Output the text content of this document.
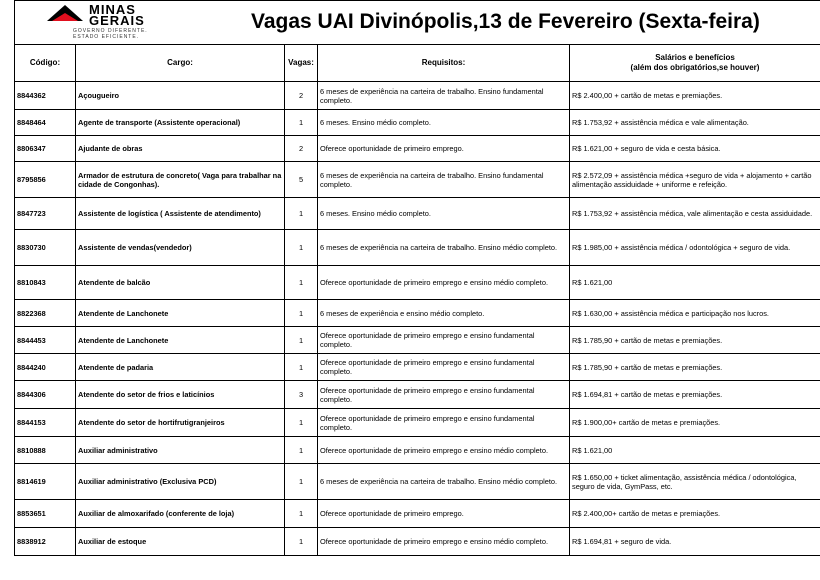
MINAS
GERAIS
GOVERNO DIFERENTE.
ESTADO EFICIENTE.
Vagas UAI Divinópolis,13 de Fevereiro (Sexta-feira)
Código:	Cargo:	Vagas:	Requisitos:	Salários e benefícios
(além dos obrigatórios,se houver)

8844362	Açougueiro	2	6 meses de experiência na carteira de trabalho. Ensino fundamental completo.	R$ 2.400,00 + cartão de metas e premiações.
8848464	Agente de transporte (Assistente operacional)	1	6 meses. Ensino médio completo.	R$ 1.753,92 + assistência médica e vale alimentação.
8806347	Ajudante de obras	2	Oferece oportunidade de primeiro emprego.	R$ 1.621,00 + seguro de vida e cesta básica.
8795856	Armador de estrutura de concreto( Vaga para trabalhar na cidade de Congonhas).	5	6 meses de experiência na carteira de trabalho. Ensino fundamental completo.	R$ 2.572,09 + assistência médica +seguro de vida + alojamento + cartão alimentação assiduidade + uniforme e refeição.
8847723	Assistente de logística ( Assistente de atendimento)	1	6 meses. Ensino médio completo.	R$ 1.753,92 + assistência médica, vale alimentação e cesta assiduidade.
8830730	Assistente de vendas(vendedor)	1	6 meses de experiência na carteira de trabalho. Ensino médio completo.	R$ 1.985,00 + assistência médica / odontológica + seguro de vida.
8810843	Atendente de balcão	1	Oferece oportunidade de primeiro emprego e ensino médio completo.	R$ 1.621,00
8822368	Atendente de Lanchonete	1	6 meses de experiência e ensino médio completo.	R$ 1.630,00 + assistência médica e participação nos lucros.
8844453	Atendente de Lanchonete	1	Oferece oportunidade de primeiro emprego e ensino fundamental completo.	R$ 1.785,90 + cartão de metas e premiações.
8844240	Atendente de padaria	1	Oferece oportunidade de primeiro emprego e ensino fundamental completo.	R$ 1.785,90 + cartão de metas e premiações.
8844306	Atendente do setor de frios e laticínios	3	Oferece oportunidade de primeiro emprego e ensino fundamental completo.	R$ 1.694,81 + cartão de metas e premiações.
8844153	Atendente do setor de hortifrutigranjeiros	1	Oferece oportunidade de primeiro emprego e ensino fundamental completo.	R$ 1.900,00+ cartão de metas e premiações.
8810888	Auxiliar administrativo	1	Oferece oportunidade de primeiro emprego e ensino médio completo.	R$ 1.621,00
8814619	Auxiliar administrativo (Exclusiva PCD)	1	6 meses de experiência na carteira de trabalho. Ensino médio completo.	R$ 1.650,00 + ticket alimentação, assistência médica / odontológica, seguro de vida, GymPass, etc.
8853651	Auxiliar de almoxarifado (conferente de loja)	1	Oferece oportunidade de primeiro emprego.	R$ 2.400,00+ cartão de metas e premiações.
8838912	Auxiliar de estoque	1	Oferece oportunidade de primeiro emprego e ensino médio completo.	R$ 1.694,81 + seguro de vida.
